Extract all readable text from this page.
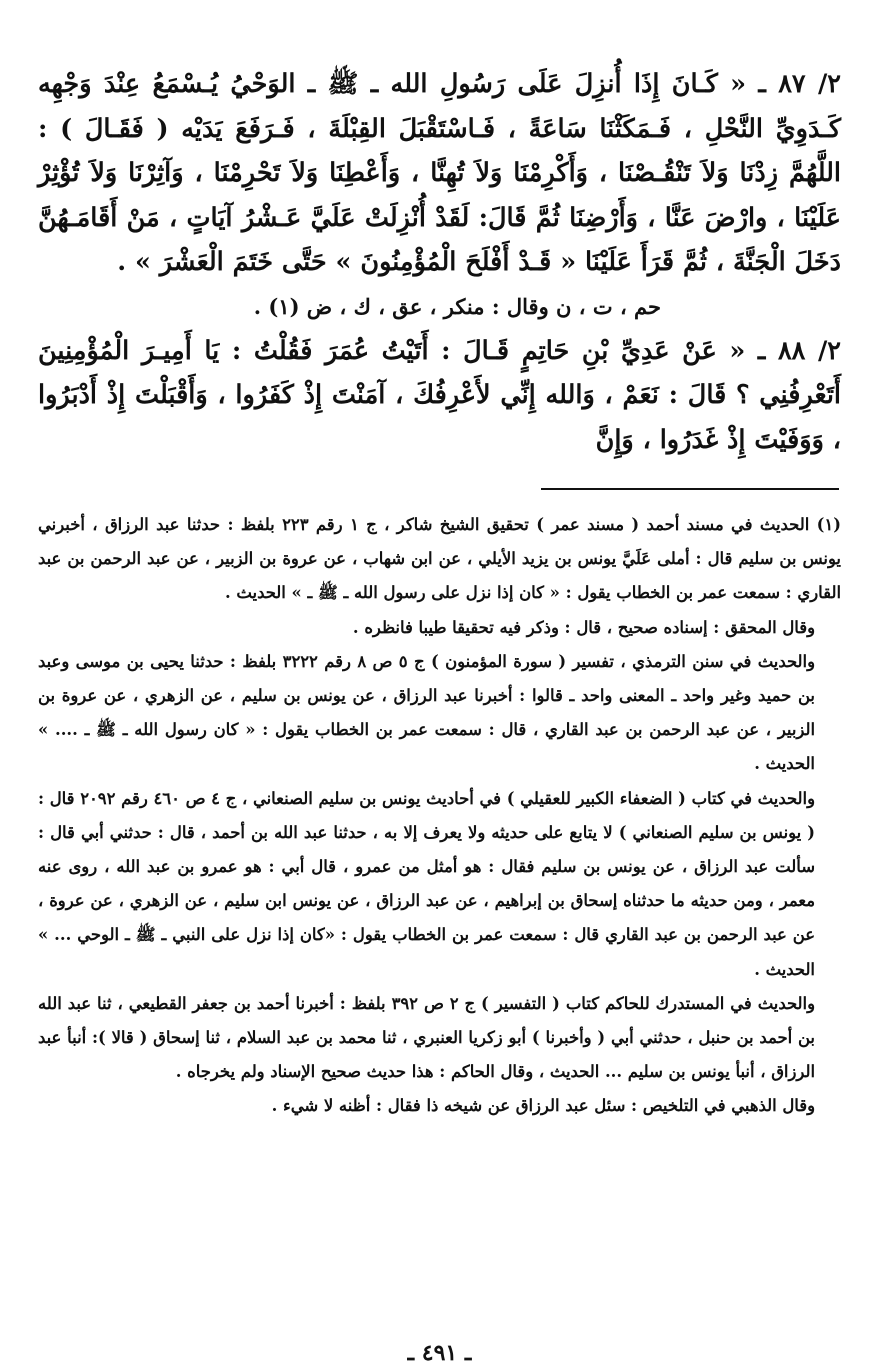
٢/ ٨٧ ـ « كَـانَ إِذَا أُنزِلَ عَلَى رَسُولِ الله ـ ﷺ ـ الوَحْيُ يُـسْمَعُ عِنْدَ وَجْهِه كَـدَوِيِّ النَّحْلِ ، فَـمَكَثْنَا سَاعَةً ، فَـاسْتَقْبَلَ القِبْلَةَ ، فَـرَفَعَ يَدَيْه ( فَقَـالَ ) : اللَّهُمَّ زِدْنَا وَلاَ تَنْقُـصْنَا ، وَأَكْرِمْنَا وَلاَ تُهِنَّا ، وَأَعْطِنَا وَلاَ تَحْرِمْنَا ، وَآثِرْنَا وَلاَ تُؤْثِرْ عَلَيْنَا ، وارْضَ عَنَّا ، وَأَرْضِنَا ثُمَّ قَالَ: لَقَدْ أُنْزِلَتْ عَلَيَّ عَـشْرُ آيَاتٍ ، مَنْ أَقَامَـهُنَّ دَخَلَ الْجَنَّةَ ، ثُمَّ قَرَأَ عَلَيْنَا « قَـدْ أَفْلَحَ الْمُؤْمِنُونَ » حَتَّى خَتَمَ الْعَشْرَ » .

حم ، ت ، ن وقال : منكر ، عق ، ك ، ض (١) .

٢/ ٨٨ ـ « عَنْ عَدِيِّ بْنِ حَاتِمٍ قَـالَ : أَتَيْتُ عُمَرَ فَقُلْتُ : يَا أَمِيـرَ الْمُؤْمِنِينَ أَتَعْرِفُنِي ؟ قَالَ : نَعَمْ ، وَالله إِنِّي لأَعْرِفُكَ ، آمَنْتَ إِذْ كَفَرُوا ، وَأَقْبَلْتَ إِذْ أَدْبَرُوا ، وَوَفَيْتَ إِذْ غَدَرُوا ، وَإِنَّ

(١) الحديث في مسند أحمد ( مسند عمر ) تحقيق الشيخ شاكر ، ج ١ رقم ٢٢٣ بلفظ : حدثنا عبد الرزاق ، أخبرني يونس بن سليم قال : أملى عَلَيَّ يونس بن يزيد الأيلي ، عن ابن شهاب ، عن عروة بن الزبير ، عن عبد الرحمن بن عبد القاري : سمعت عمر بن الخطاب يقول : « كان إذا نزل على رسول الله ـ ﷺ ـ » الحديث .

وقال المحقق : إسناده صحيح ، قال : وذكر فيه تحقيقا طيبا فانظره .

والحديث في سنن الترمذي ، تفسير ( سورة المؤمنون ) ج ٥ ص ٨ رقم ٣٢٢٢ بلفظ : حدثنا يحيى بن موسى وعبد بن حميد وغير واحد ـ المعنى واحد ـ قالوا : أخبرنا عبد الرزاق ، عن يونس بن سليم ، عن الزهري ، عن عروة بن الزبير ، عن عبد الرحمن بن عبد القاري ، قال : سمعت عمر بن الخطاب يقول : « كان رسول الله ـ ﷺ ـ .... » الحديث .

والحديث في كتاب ( الضعفاء الكبير للعقيلي ) في أحاديث يونس بن سليم الصنعاني ، ج ٤ ص ٤٦٠ رقم ٢٠٩٢ قال : ( يونس بن سليم الصنعاني ) لا يتابع على حديثه ولا يعرف إلا به ، حدثنا عبد الله بن أحمد ، قال : حدثني أبي قال : سألت عبد الرزاق ، عن يونس بن سليم فقال : هو أمثل من عمرو ، قال أبي : هو عمرو بن عبد الله ، روى عنه معمر ، ومن حديثه ما حدثناه إسحاق بن إبراهيم ، عن عبد الرزاق ، عن يونس ابن سليم ، عن الزهري ، عن عروة ، عن عبد الرحمن بن عبد القاري قال : سمعت عمر بن الخطاب يقول : «كان إذا نزل على النبي ـ ﷺ ـ الوحي ... » الحديث .

والحديث في المستدرك للحاكم كتاب ( التفسير ) ج ٢ ص ٣٩٢ بلفظ : أخبرنا أحمد بن جعفر القطيعي ، ثنا عبد الله بن أحمد بن حنبل ، حدثني أبي ( وأخبرنا ) أبو زكريا العنبري ، ثنا محمد بن عبد السلام ، ثنا إسحاق ( قالا ): أنبأ عبد الرزاق ، أنبأ يونس بن سليم ... الحديث ، وقال الحاكم : هذا حديث صحيح الإسناد ولم يخرجاه .

وقال الذهبي في التلخيص : سئل عبد الرزاق عن شيخه ذا فقال : أظنه لا شيء .

ـ ٤٩١ ـ
